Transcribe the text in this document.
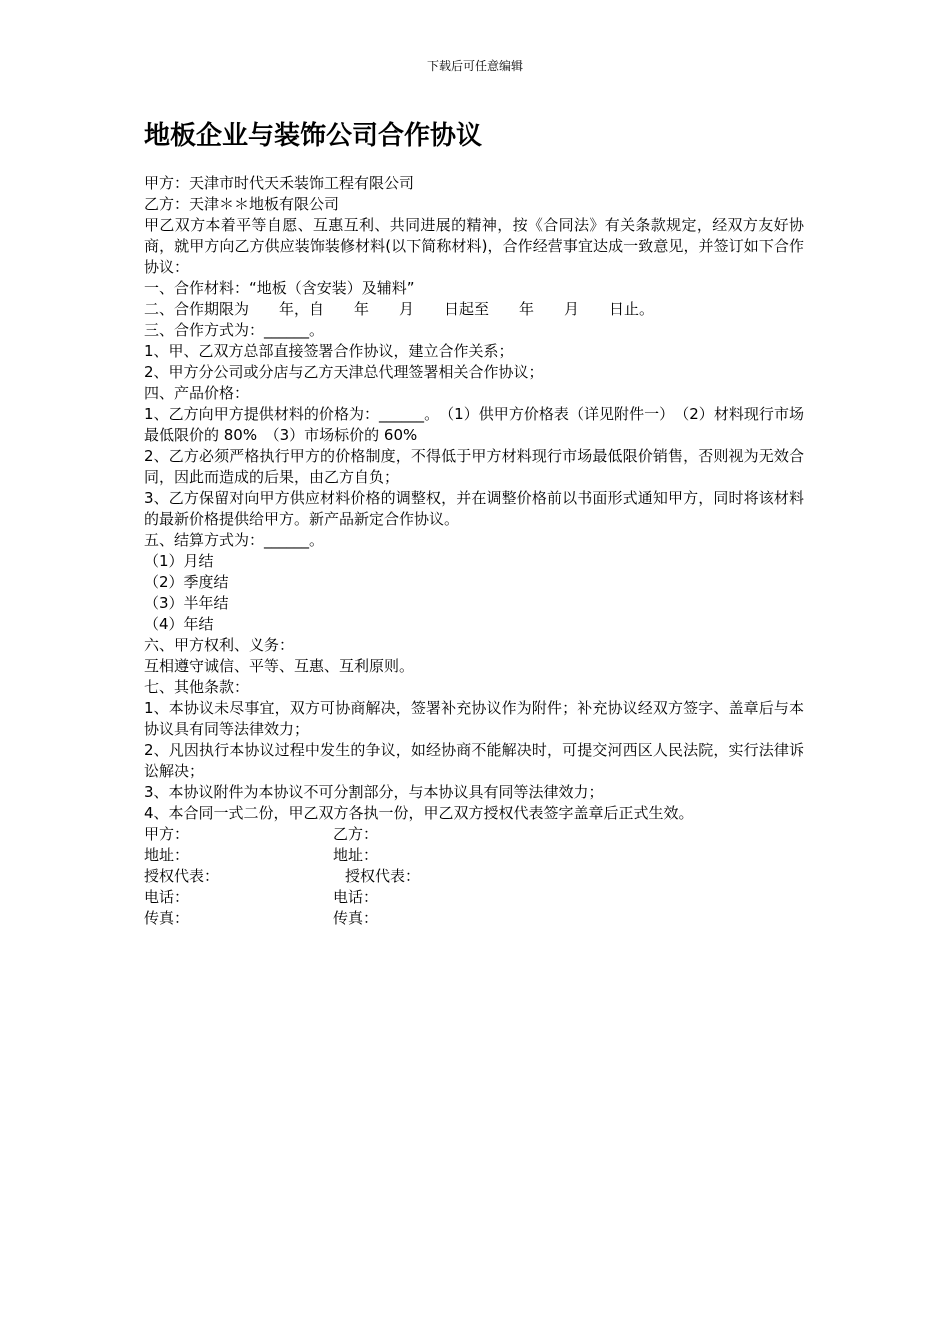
下载后可任意编辑
地板企业与装饰公司合作协议
甲方：天津市时代天禾装饰工程有限公司
乙方：天津＊＊地板有限公司
甲乙双方本着平等自愿、互惠互利、共同进展的精神，按《合同法》有关条款规定，经双方友好协商，就甲方向乙方供应装饰装修材料(以下简称材料)，合作经营事宜达成一致意见，并签订如下合作协议：
一、合作材料：“地板（含安装）及辅料”
二、合作期限为　　年，自　　年　　月　　日起至　　年　　月　　日止。
三、合作方式为：______。
1、甲、乙双方总部直接签署合作协议，建立合作关系；
2、甲方分公司或分店与乙方天津总代理签署相关合作协议；
四、产品价格：
1、乙方向甲方提供材料的价格为：______。　（1）供甲方价格表（详见附件一）　（2）材料现行市场最低限价的 80%　（3）市场标价的 60%
2、乙方必须严格执行甲方的价格制度，不得低于甲方材料现行市场最低限价销售，否则视为无效合同，因此而造成的后果，由乙方自负；
3、乙方保留对向甲方供应材料价格的调整权，并在调整价格前以书面形式通知甲方，同时将该材料的最新价格提供给甲方。新产品新定合作协议。
五、结算方式为：______。
（1）月结
（2）季度结
（3）半年结
（4）年结
六、甲方权利、义务：
互相遵守诚信、平等、互惠、互利原则。
七、其他条款：
1、本协议未尽事宜，双方可协商解决，签署补充协议作为附件；补充协议经双方签字、盖章后与本协议具有同等法律效力；
2、凡因执行本协议过程中发生的争议，如经协商不能解决时，可提交河西区人民法院，实行法律诉讼解决；
3、本协议附件为本协议不可分割部分，与本协议具有同等法律效力；
4、本合同一式二份，甲乙双方各执一份，甲乙双方授权代表签字盖章后正式生效。
甲方：	乙方：
地址：	地址：
授权代表：	授权代表：
电话：	电话：
传真：	传真：
